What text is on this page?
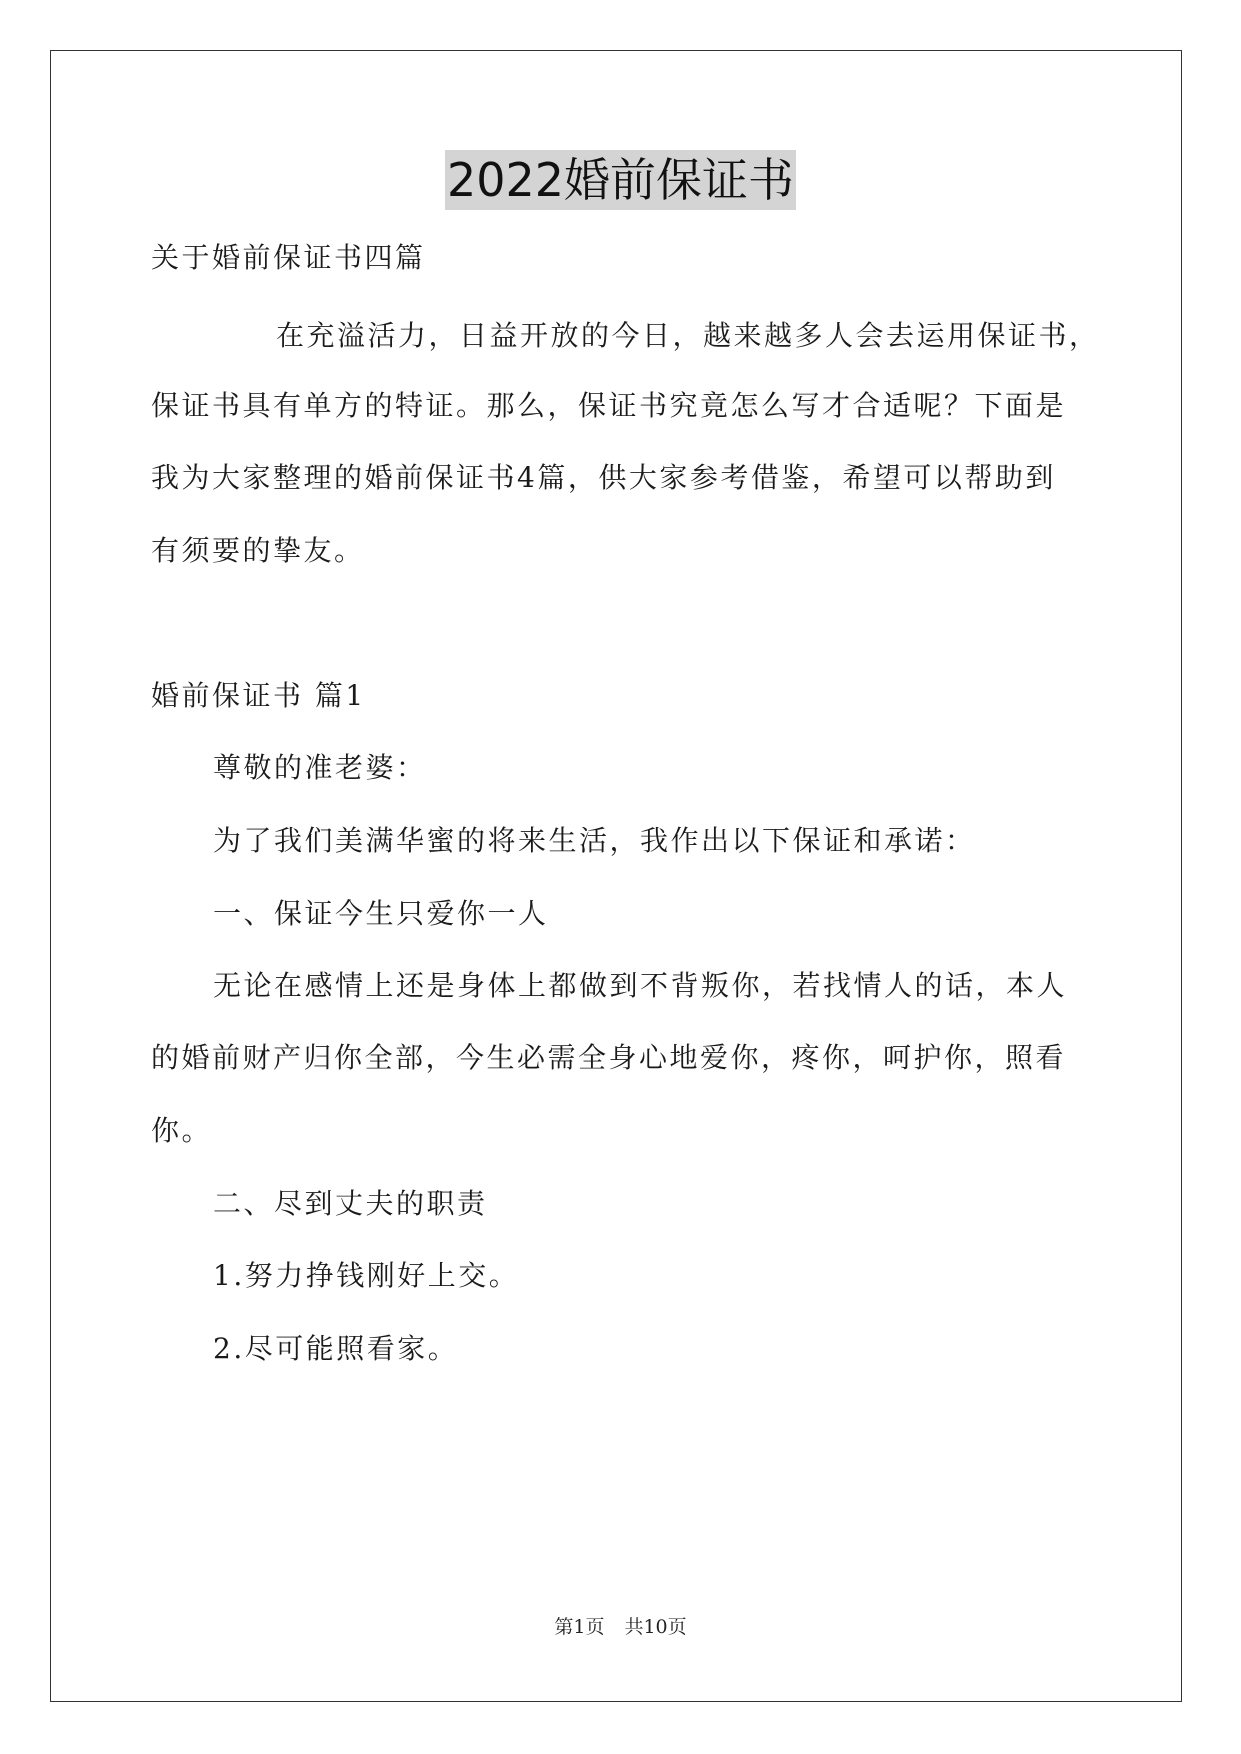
2022婚前保证书
关于婚前保证书四篇
在充溢活力，日益开放的今日，越来越多人会去运用保证书，
保证书具有单方的特证。那么，保证书究竟怎么写才合适呢？下面是
我为大家整理的婚前保证书4篇，供大家参考借鉴，希望可以帮助到
有须要的挚友。
婚前保证书 篇1
尊敬的准老婆：
为了我们美满华蜜的将来生活，我作出以下保证和承诺：
一、保证今生只爱你一人
无论在感情上还是身体上都做到不背叛你，若找情人的话，本人
的婚前财产归你全部，今生必需全身心地爱你，疼你，呵护你，照看
你。
二、尽到丈夫的职责
1.努力挣钱刚好上交。
2.尽可能照看家。
第1页 共10页
